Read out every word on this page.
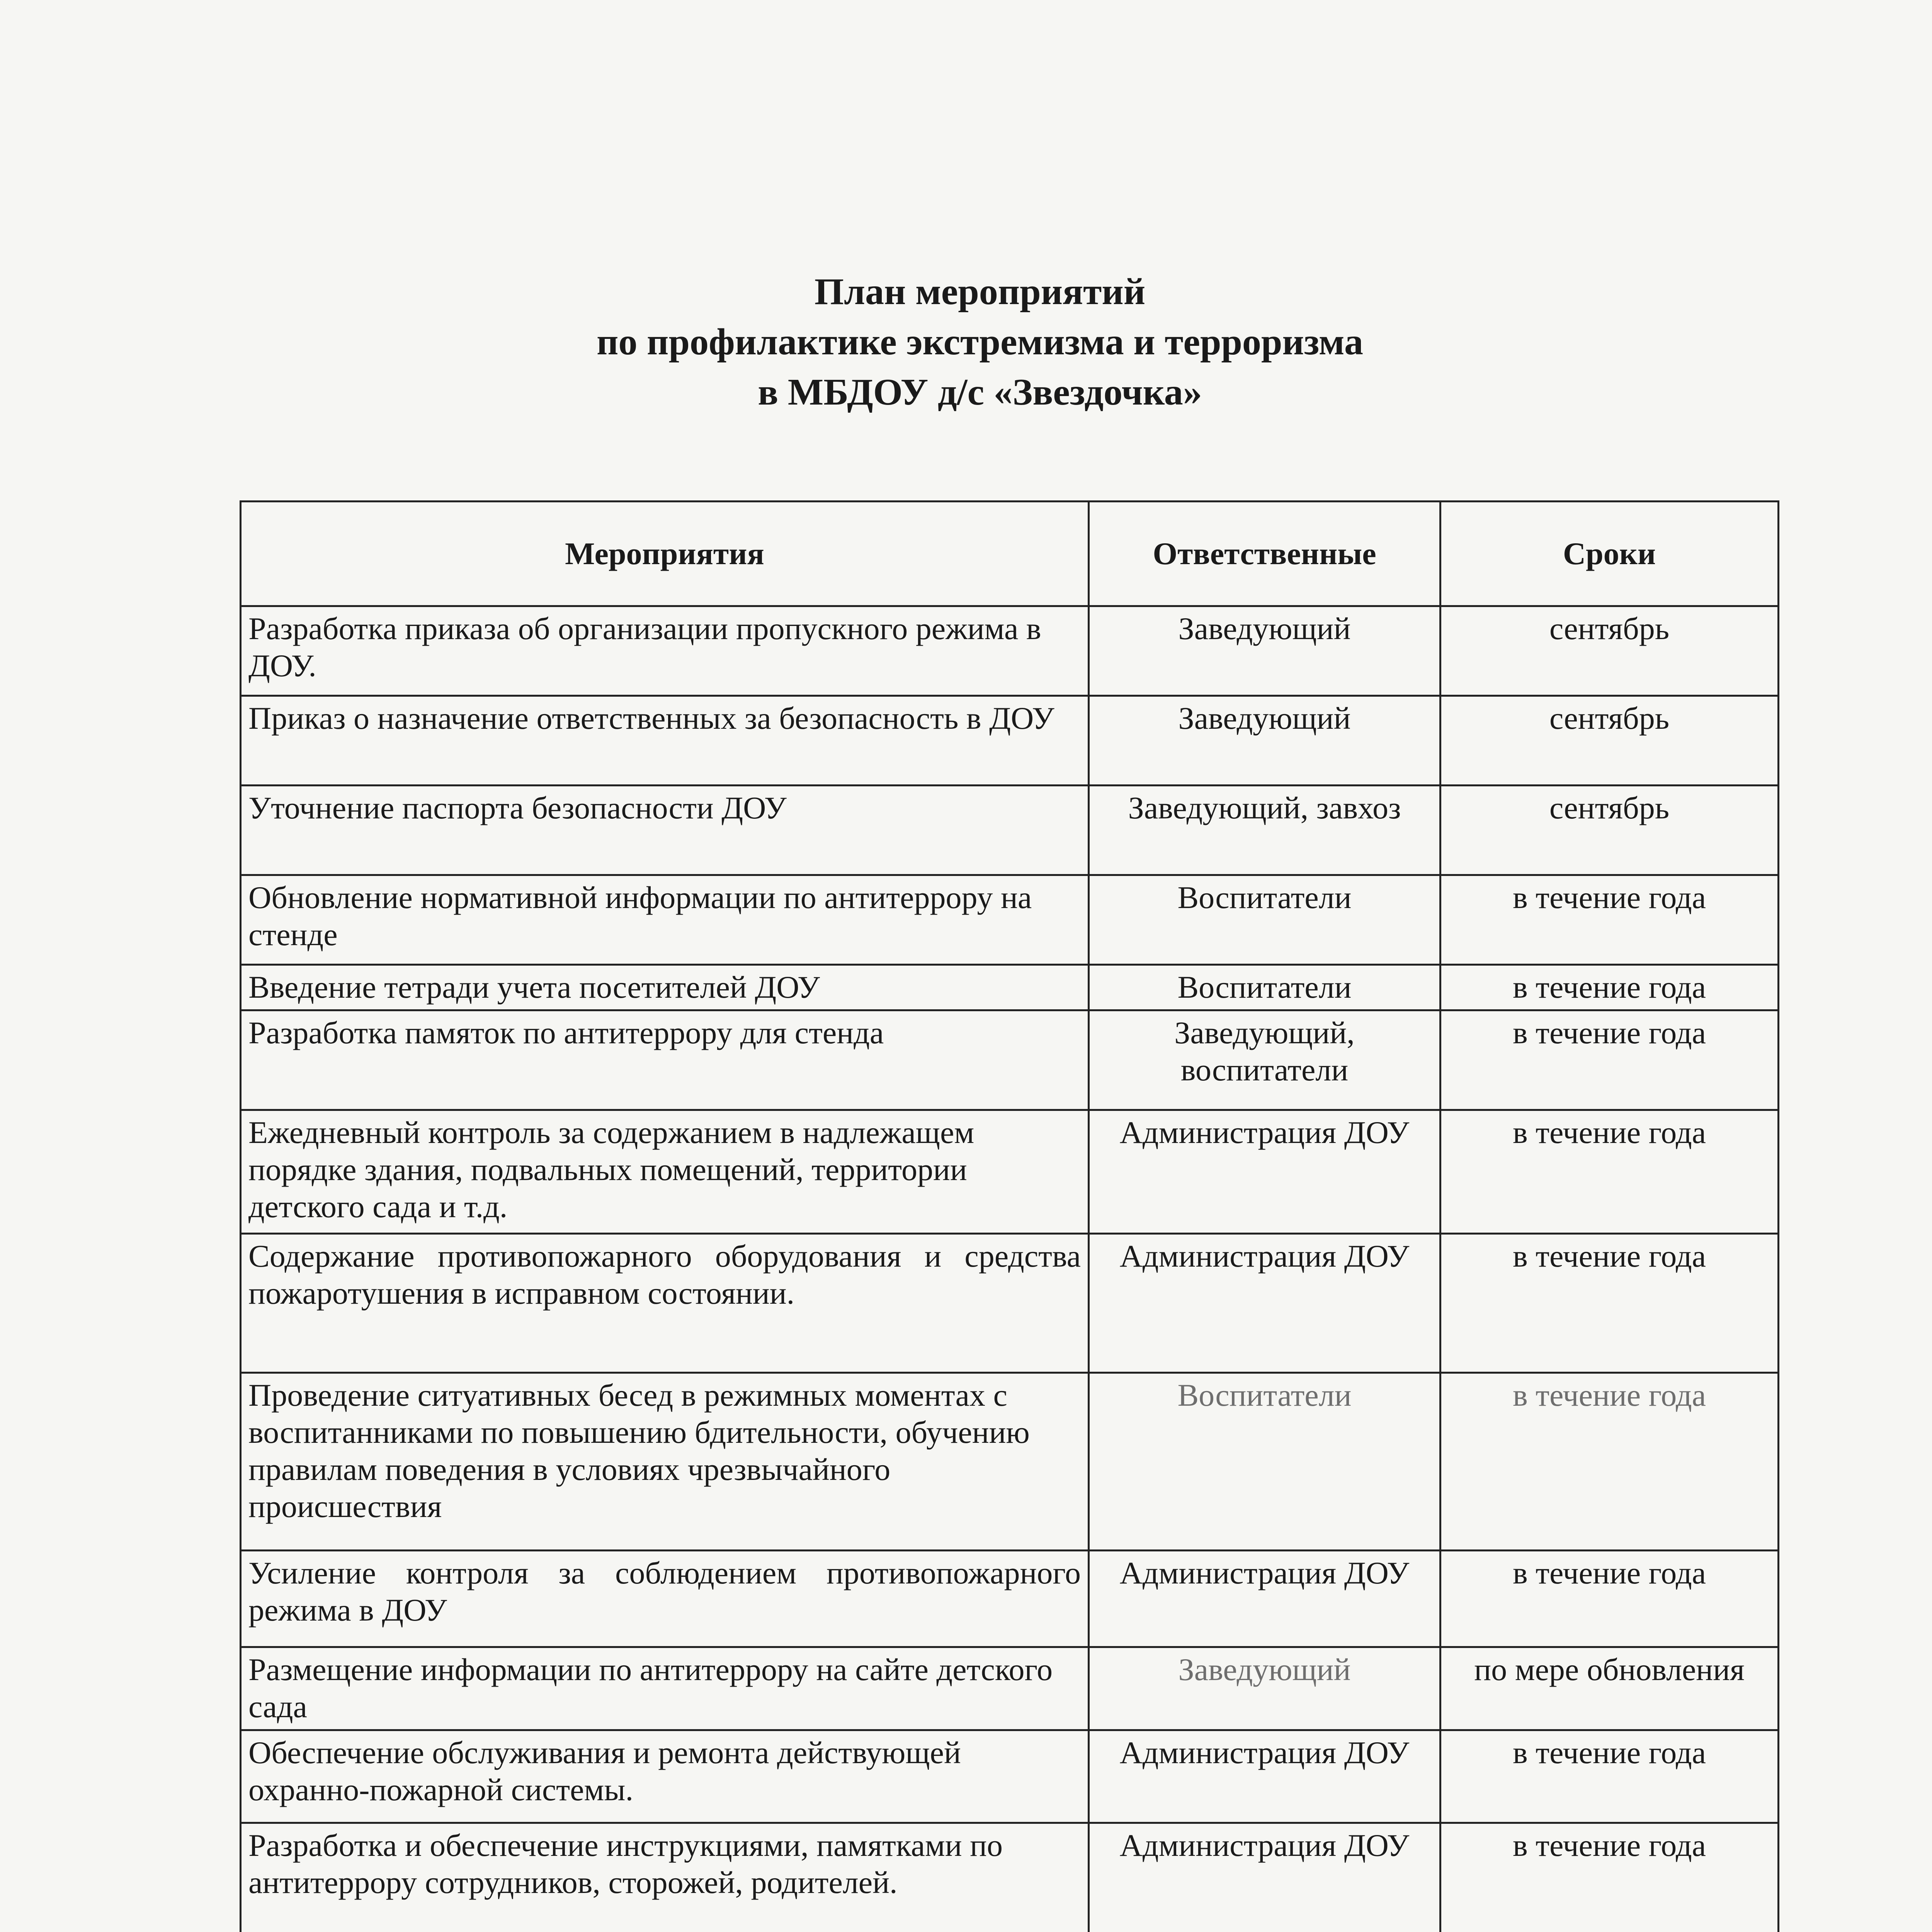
План мероприятий
по профилактике экстремизма и терроризма
в МБДОУ д/с «Звездочка»
Мероприятия	Ответственные	Сроки
Разработка приказа об организации пропускного режима в ДОУ.	Заведующий	сентябрь
Приказ о назначение ответственных за безопасность в ДОУ	Заведующий	сентябрь
Уточнение паспорта безопасности ДОУ	Заведующий, завхоз	сентябрь
Обновление нормативной информации по антитеррору на стенде	Воспитатели	в течение года
Введение тетради учета посетителей ДОУ	Воспитатели	в течение года
Разработка памяток по антитеррору для стенда	Заведующий, воспитатели	в течение года
Ежедневный контроль за содержанием в надлежащем порядке здания, подвальных помещений, территории детского сада и т.д.	Администрация ДОУ	в течение года
Содержание противопожарного оборудования и средства пожаротушения в исправном состоянии.	Администрация ДОУ	в течение года
Проведение ситуативных бесед в режимных моментах с воспитанниками по повышению бдительности, обучению правилам поведения в условиях чрезвычайного происшествия	Воспитатели	в течение года
Усиление контроля за соблюдением противопожарного режима в ДОУ	Администрация ДОУ	в течение года
Размещение информации по антитеррору на сайте детского сада	Заведующий	по мере обновления
Обеспечение обслуживания и ремонта действующей охранно-пожарной системы.	Администрация ДОУ	в течение года
Разработка и обеспечение инструкциями, памятками по антитеррору сотрудников, сторожей, родителей.	Администрация ДОУ	в течение года
